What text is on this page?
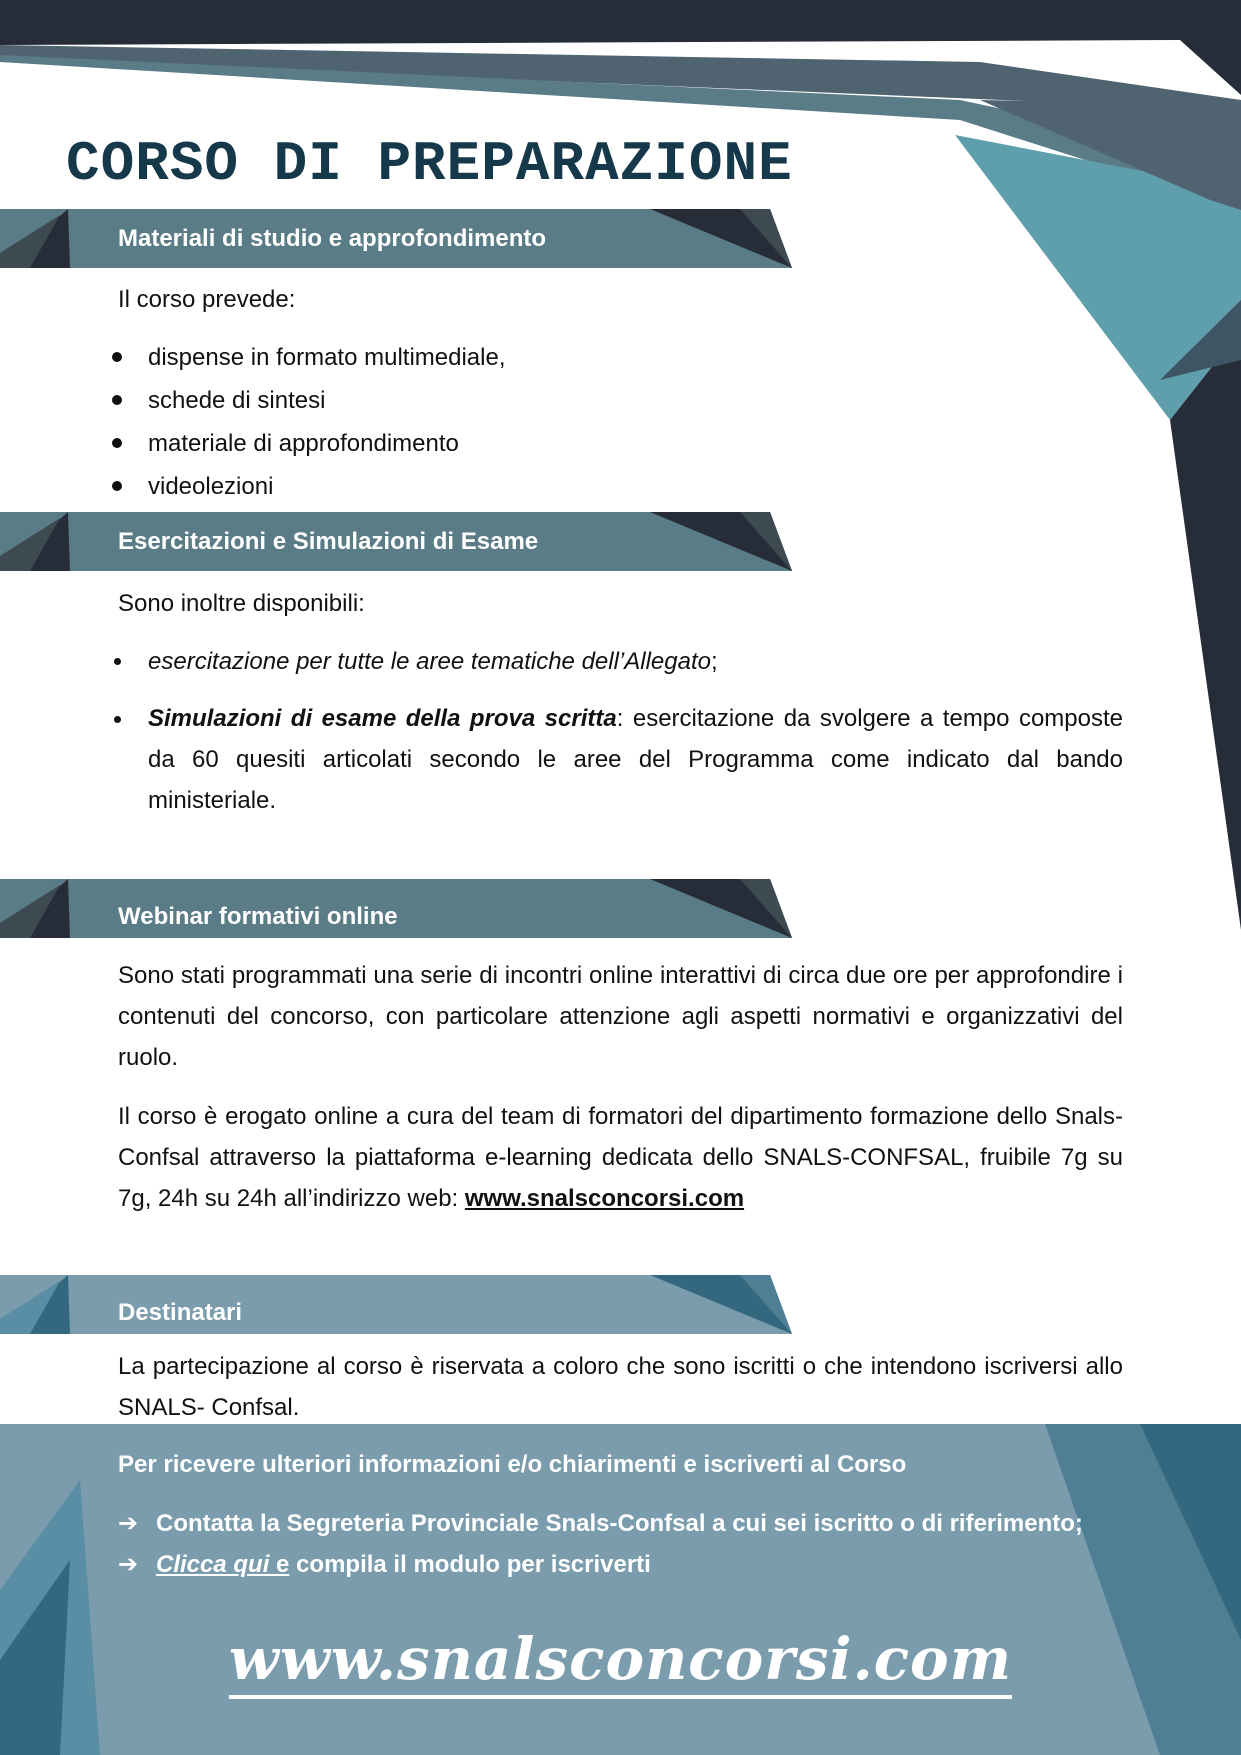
CORSO DI PREPARAZIONE
Materiali di studio e approfondimento

Il corso prevede:

dispense in formato multimediale,
schede di sintesi
materiale di approfondimento
videolezioni
Esercitazioni e Simulazioni di Esame

Sono inoltre disponibili:

esercitazione per tutte le aree tematiche dell’Allegato;
Simulazioni di esame della prova scritta: esercitazione da svolgere a tempo composte da 60 quesiti articolati secondo le aree del Programma come indicato dal bando ministeriale.
Webinar formativi online

Sono stati programmati una serie di incontri online interattivi di circa due ore per approfondire i contenuti del concorso, con particolare attenzione agli aspetti normativi e organizzativi del ruolo.

Il corso è erogato online a cura del team di formatori del dipartimento formazione dello Snals-Confsal attraverso la piattaforma e-learning dedicata dello SNALS-CONFSAL, fruibile 7g su 7g, 24h su 24h all’indirizzo web: www.snalsconcorsi.com

Destinatari

La partecipazione al corso è riservata a coloro che sono iscritti o che intendono iscriversi allo SNALS- Confsal.

Per ricevere ulteriori informazioni e/o chiarimenti e iscriverti al Corso
➔ Contatta la Segreteria Provinciale Snals-Confsal a cui sei iscritto o di riferimento;
➔ Clicca qui e compila il modulo per iscriverti
www.snalsconcorsi.com
